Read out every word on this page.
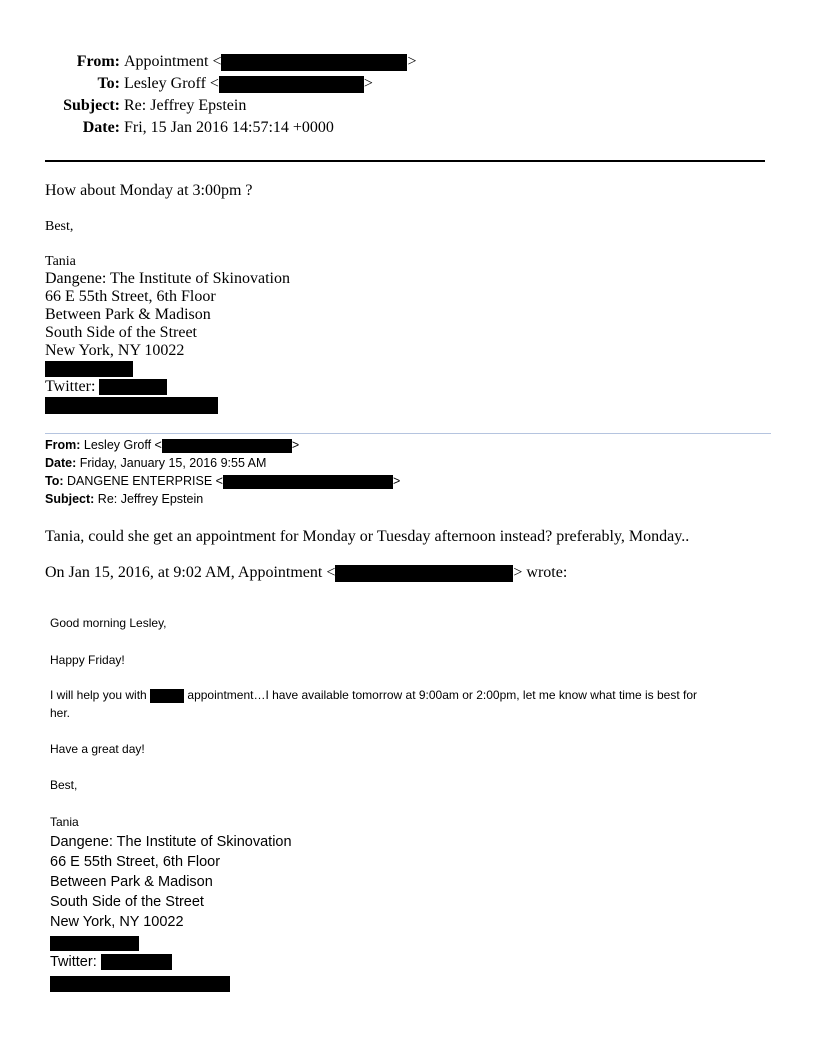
From: Appointment <	>
To: Lesley Groff <	>
Subject: Re: Jeffrey Epstein
Date: Fri, 15 Jan 2016 14:57:14 +0000
How about Monday at 3:00pm ?
Best,
Tania
Dangene: The Institute of Skinovation
66 E 55th Street, 6th Floor
Between Park & Madison
South Side of the Street
New York, NY 10022
Twitter:
From: Lesley Groff <	>
Date: Friday, January 15, 2016 9:55 AM
To: DANGENE ENTERPRISE <	>
Subject: Re: Jeffrey Epstein
Tania, could she get an appointment for Monday or Tuesday afternoon instead? preferably, Monday..
On Jan 15, 2016, at 9:02 AM, Appointment <	> wrote:
Good morning Lesley,
Happy Friday!
I will help you with	appointment…I have available tomorrow at 9:00am or 2:00pm, let me know what time is best for
her.
Have a great day!
Best,
Tania
Dangene: The Institute of Skinovation
66 E 55th Street, 6th Floor
Between Park & Madison
South Side of the Street
New York, NY 10022
Twitter:
